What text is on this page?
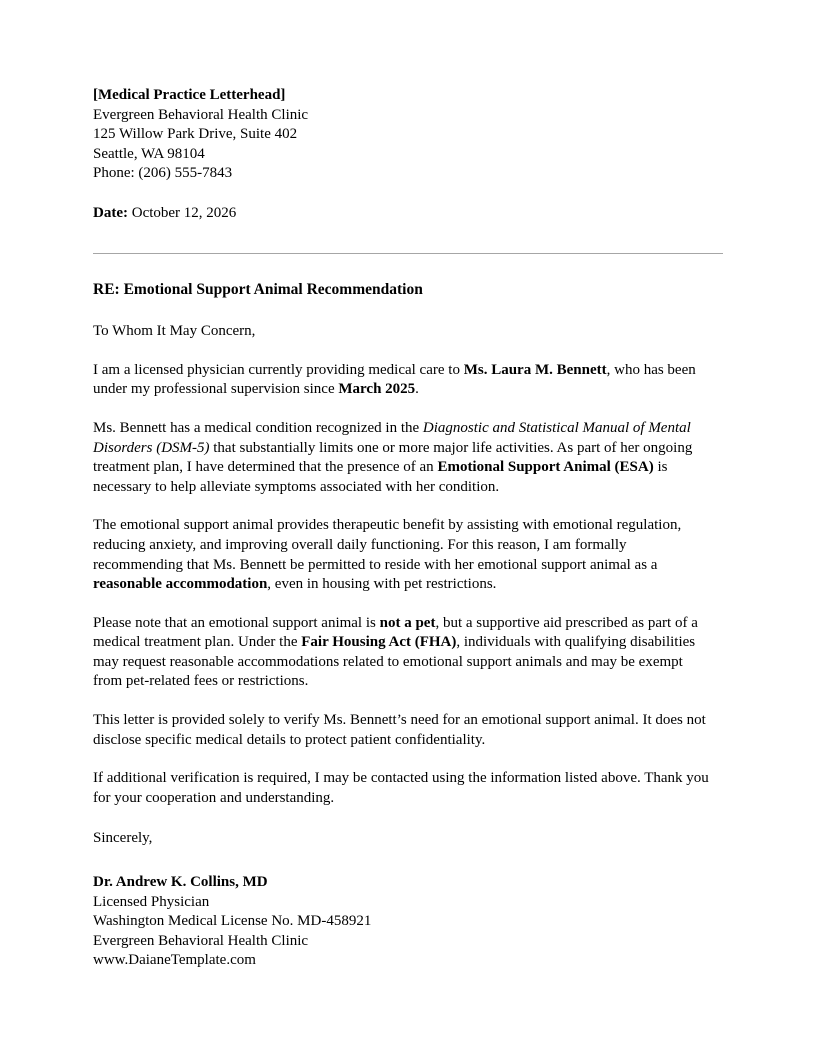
[Medical Practice Letterhead]
Evergreen Behavioral Health Clinic
125 Willow Park Drive, Suite 402
Seattle, WA 98104
Phone: (206) 555-7843
Date: October 12, 2026
RE: Emotional Support Animal Recommendation
To Whom It May Concern,
I am a licensed physician currently providing medical care to Ms. Laura M. Bennett, who has been under my professional supervision since March 2025.
Ms. Bennett has a medical condition recognized in the Diagnostic and Statistical Manual of Mental Disorders (DSM-5) that substantially limits one or more major life activities. As part of her ongoing treatment plan, I have determined that the presence of an Emotional Support Animal (ESA) is necessary to help alleviate symptoms associated with her condition.
The emotional support animal provides therapeutic benefit by assisting with emotional regulation, reducing anxiety, and improving overall daily functioning. For this reason, I am formally recommending that Ms. Bennett be permitted to reside with her emotional support animal as a reasonable accommodation, even in housing with pet restrictions.
Please note that an emotional support animal is not a pet, but a supportive aid prescribed as part of a medical treatment plan. Under the Fair Housing Act (FHA), individuals with qualifying disabilities may request reasonable accommodations related to emotional support animals and may be exempt from pet-related fees or restrictions.
This letter is provided solely to verify Ms. Bennett’s need for an emotional support animal. It does not disclose specific medical details to protect patient confidentiality.
If additional verification is required, I may be contacted using the information listed above. Thank you for your cooperation and understanding.
Sincerely,
Dr. Andrew K. Collins, MD
Licensed Physician
Washington Medical License No. MD-458921
Evergreen Behavioral Health Clinic
www.DaianeTemplate.com
